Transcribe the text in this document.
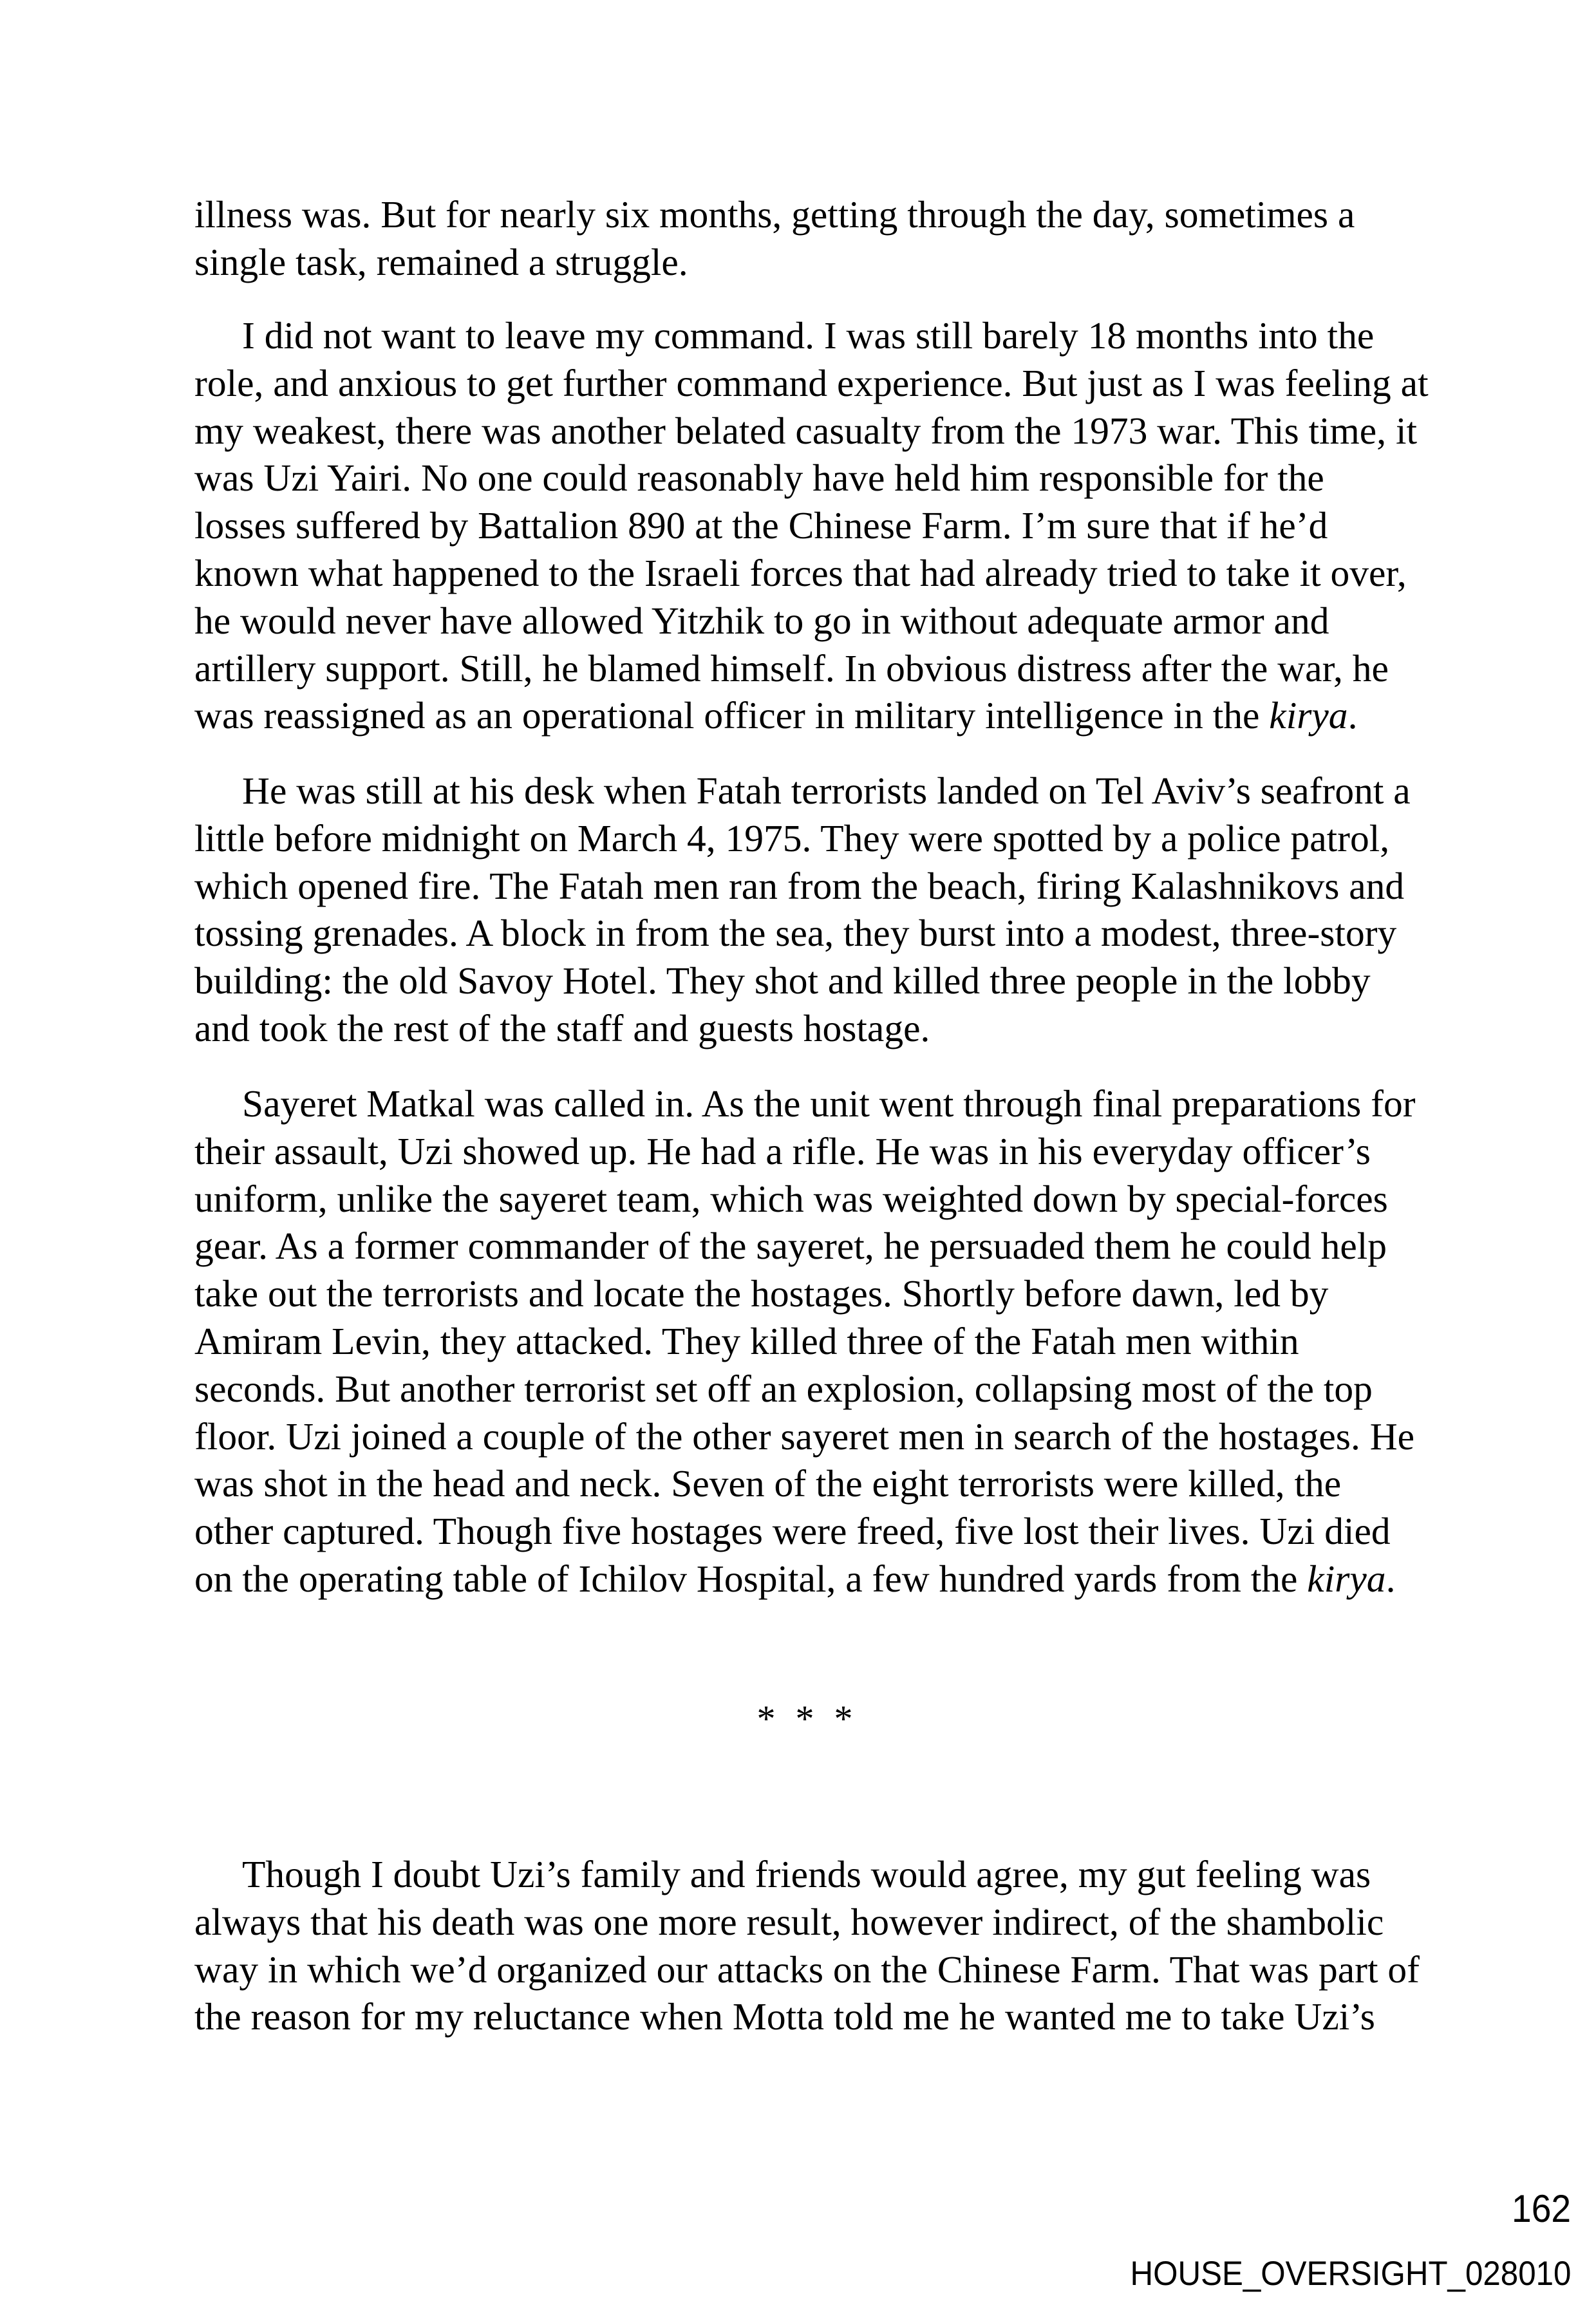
illness was. But for nearly six months, getting through the day, sometimes a
single task, remained a struggle.

I did not want to leave my command. I was still barely 18 months into the
role, and anxious to get further command experience. But just as I was feeling at
my weakest, there was another belated casualty from the 1973 war. This time, it
was Uzi Yairi. No one could reasonably have held him responsible for the
losses suffered by Battalion 890 at the Chinese Farm. I’m sure that if he’d
known what happened to the Israeli forces that had already tried to take it over,
he would never have allowed Yitzhik to go in without adequate armor and
artillery support. Still, he blamed himself. In obvious distress after the war, he
was reassigned as an operational officer in military intelligence in the kirya.

He was still at his desk when Fatah terrorists landed on Tel Aviv’s seafront a
little before midnight on March 4, 1975. They were spotted by a police patrol,
which opened fire. The Fatah men ran from the beach, firing Kalashnikovs and
tossing grenades. A block in from the sea, they burst into a modest, three-story
building: the old Savoy Hotel. They shot and killed three people in the lobby
and took the rest of the staff and guests hostage.

Sayeret Matkal was called in. As the unit went through final preparations for
their assault, Uzi showed up. He had a rifle. He was in his everyday officer’s
uniform, unlike the sayeret team, which was weighted down by special-forces
gear. As a former commander of the sayeret, he persuaded them he could help
take out the terrorists and locate the hostages. Shortly before dawn, led by
Amiram Levin, they attacked. They killed three of the Fatah men within
seconds. But another terrorist set off an explosion, collapsing most of the top
floor. Uzi joined a couple of the other sayeret men in search of the hostages. He
was shot in the head and neck. Seven of the eight terrorists were killed, the
other captured. Though five hostages were freed, five lost their lives. Uzi died
on the operating table of Ichilov Hospital, a few hundred yards from the kirya.

* * *

Though I doubt Uzi’s family and friends would agree, my gut feeling was
always that his death was one more result, however indirect, of the shambolic
way in which we’d organized our attacks on the Chinese Farm. That was part of
the reason for my reluctance when Motta told me he wanted me to take Uzi’s

162
HOUSE_OVERSIGHT_028010
